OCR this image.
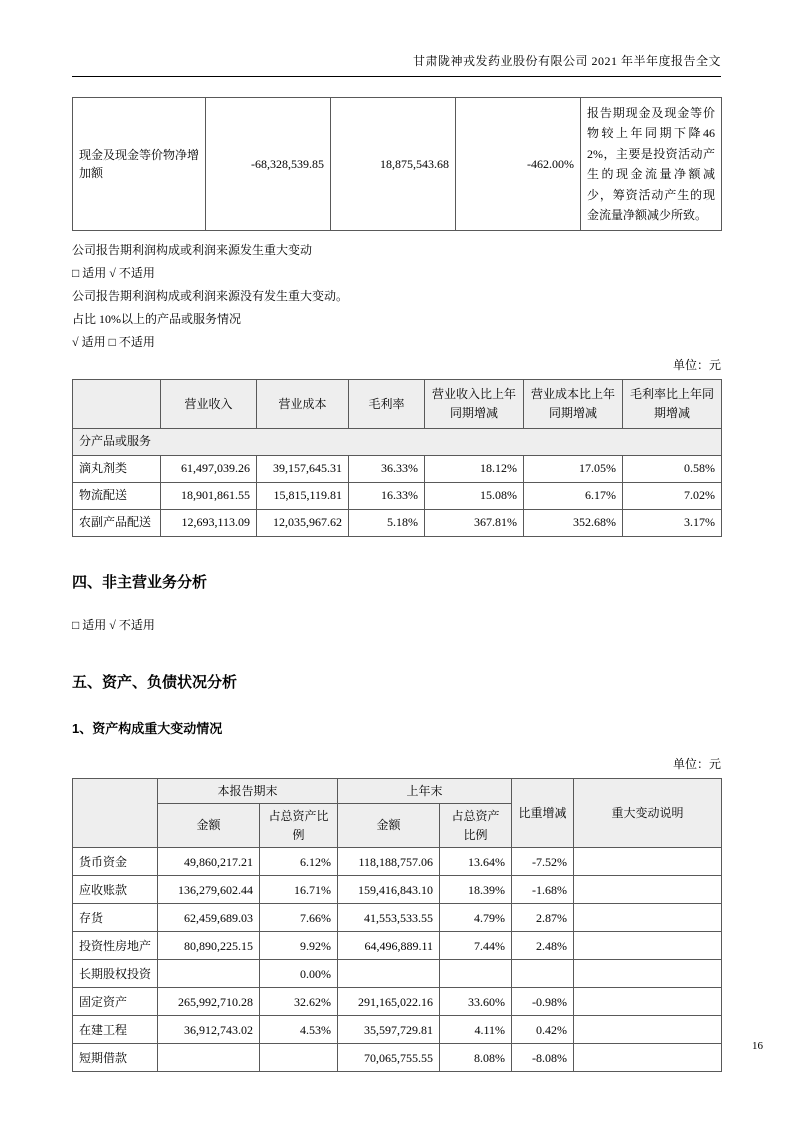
甘肃陇神戎发药业股份有限公司 2021 年半年度报告全文
现金及现金等价物净增加额	-68,328,539.85	18,875,543.68	-462.00%	报告期现金及现金等价物较上年同期下降462%，主要是投资活动产生的现金流量净额减少，筹资活动产生的现金流量净额减少所致。

公司报告期利润构成或利润来源发生重大变动

□ 适用 √ 不适用

公司报告期利润构成或利润来源没有发生重大变动。

占比 10%以上的产品或服务情况

√ 适用 □ 不适用

单位：元
	营业收入	营业成本	毛利率	营业收入比上年同期增减	营业成本比上年同期增减	毛利率比上年同期增减
分产品或服务						
滴丸剂类	61,497,039.26	39,157,645.31	36.33%	18.12%	17.05%	0.58%
物流配送	18,901,861.55	15,815,119.81	16.33%	15.08%	6.17%	7.02%
农副产品配送	12,693,113.09	12,035,967.62	5.18%	367.81%	352.68%	3.17%
四、非主营业务分析

□ 适用 √ 不适用

五、资产、负债状况分析
1、资产构成重大变动情况
单位：元
	本报告期末		上年末		比重增减	重大变动说明
	金额	占总资产比例	金额	占总资产比例		
货币资金	49,860,217.21	6.12%	118,188,757.06	13.64%	-7.52%	
应收账款	136,279,602.44	16.71%	159,416,843.10	18.39%	-1.68%	
存货	62,459,689.03	7.66%	41,553,533.55	4.79%	2.87%	
投资性房地产	80,890,225.15	9.92%	64,496,889.11	7.44%	2.48%	
长期股权投资		0.00%				
固定资产	265,992,710.28	32.62%	291,165,022.16	33.60%	-0.98%	
在建工程	36,912,743.02	4.53%	35,597,729.81	4.11%	0.42%	
短期借款			70,065,755.55	8.08%	-8.08%	
16
